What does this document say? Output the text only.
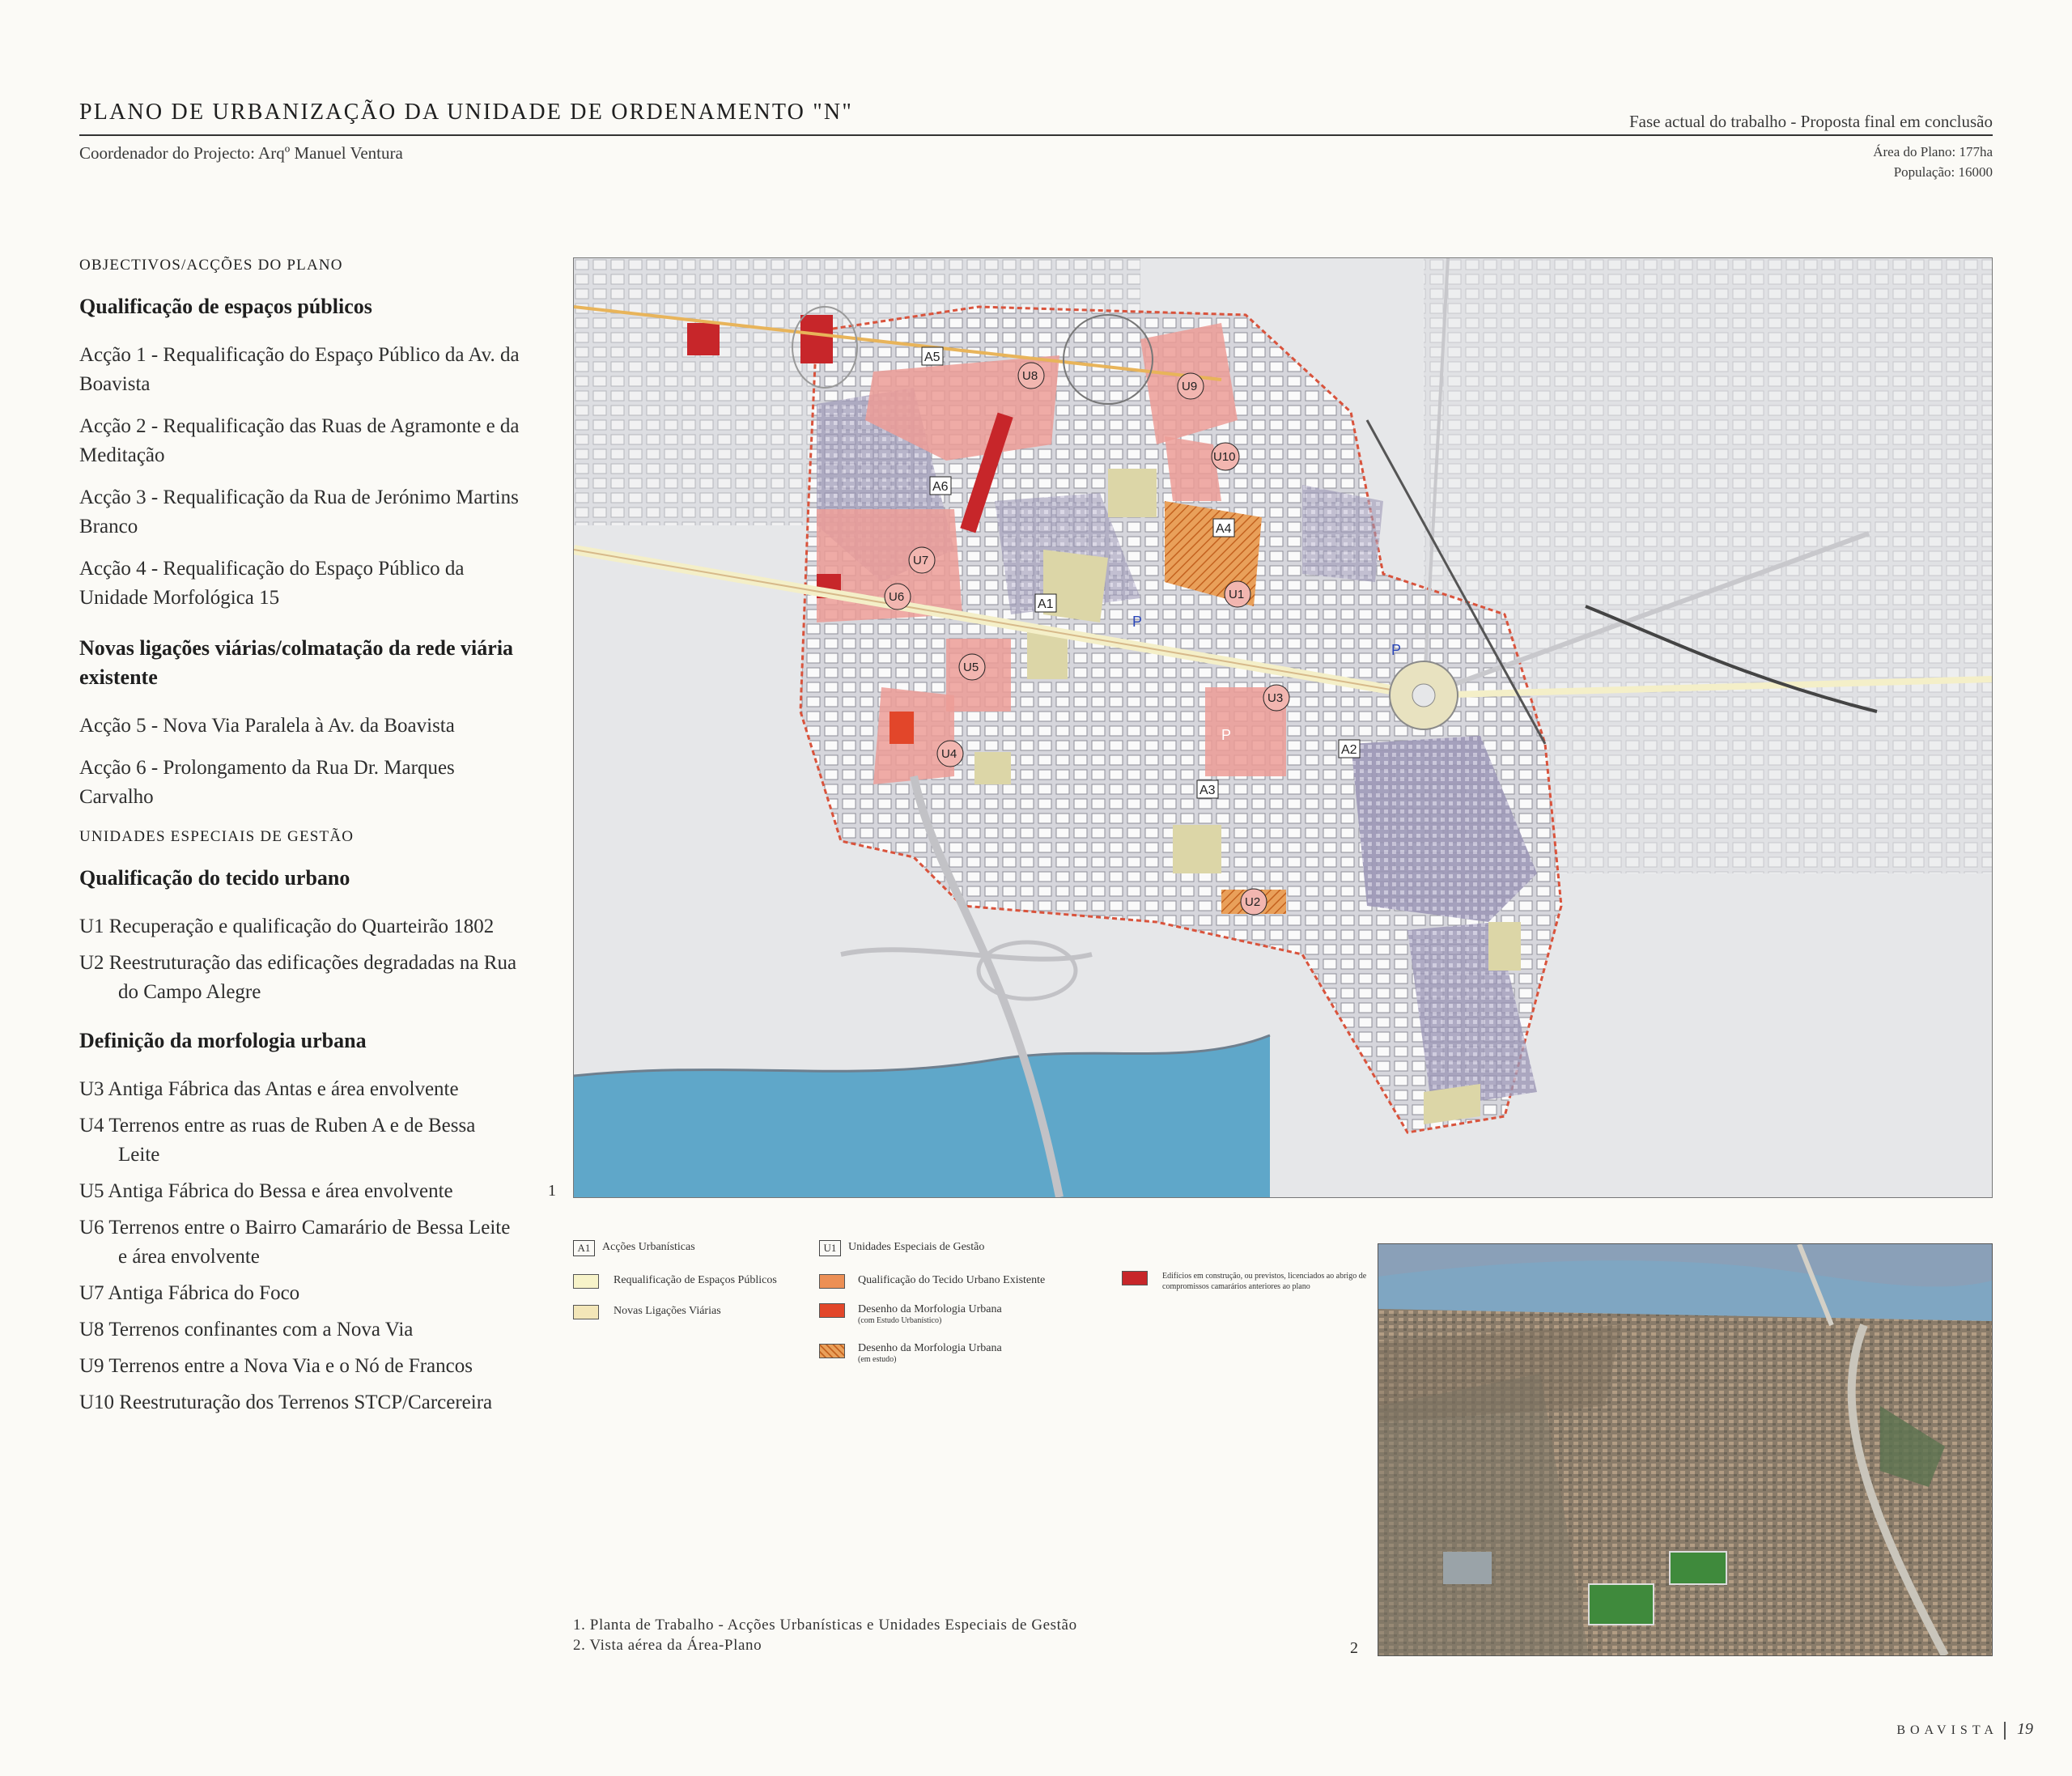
PLANO DE URBANIZAÇÃO DA UNIDADE DE ORDENAMENTO "N"
Coordenador do Projecto: Arqº Manuel Ventura
Fase actual do trabalho - Proposta final em conclusão
Área do Plano: 177ha
População: 16000
OBJECTIVOS/ACÇÕES DO PLANO
Qualificação de espaços públicos
Acção 1 - Requalificação do Espaço Público da Av. da Boavista
Acção 2 - Requalificação das Ruas de Agramonte e da Meditação
Acção 3 - Requalificação da Rua de Jerónimo Martins Branco
Acção 4 - Requalificação do Espaço Público da Unidade Morfológica 15
Novas ligações viárias/colmatação da rede viária existente
Acção 5 - Nova Via Paralela à Av. da Boavista
Acção 6 - Prolongamento da Rua Dr. Marques Carvalho
UNIDADES ESPECIAIS DE GESTÃO
Qualificação do tecido urbano
U1 Recuperação e qualificação do Quarteirão 1802
U2 Reestruturação das edificações degradadas na Rua do Campo Alegre
Definição da morfologia urbana
U3 Antiga Fábrica das Antas e área envolvente
U4 Terrenos entre as ruas de Ruben A e de Bessa Leite
U5 Antiga Fábrica do Bessa e área envolvente
U6 Terrenos entre o Bairro Camarário de Bessa Leite e área envolvente
U7 Antiga Fábrica do Foco
U8 Terrenos confinantes com a Nova Via
U9 Terrenos entre a Nova Via e o Nó de Francos
U10 Reestruturação dos Terrenos STCP/Carcereira
A5
A6
A1
A4
A2
A3
U8
U9
U10
U7
U1
U6
U5
U3
U4
U2
P
P
P
1
A1	Acções Urbanísticas
Requalificação de Espaços Públicos
Novas Ligações Viárias
U1	Unidades Especiais de Gestão
Qualificação do Tecido Urbano Existente
Desenho da Morfologia Urbana
(com Estudo Urbanístico)
Desenho da Morfologia Urbana
(em estudo)
Edifícios em construção, ou previstos, licenciados ao abrigo de compromissos camarários anteriores ao plano
2
1. Planta de Trabalho - Acções Urbanísticas e Unidades Especiais de Gestão
2. Vista aérea da Área-Plano
BOAVISTA 19
